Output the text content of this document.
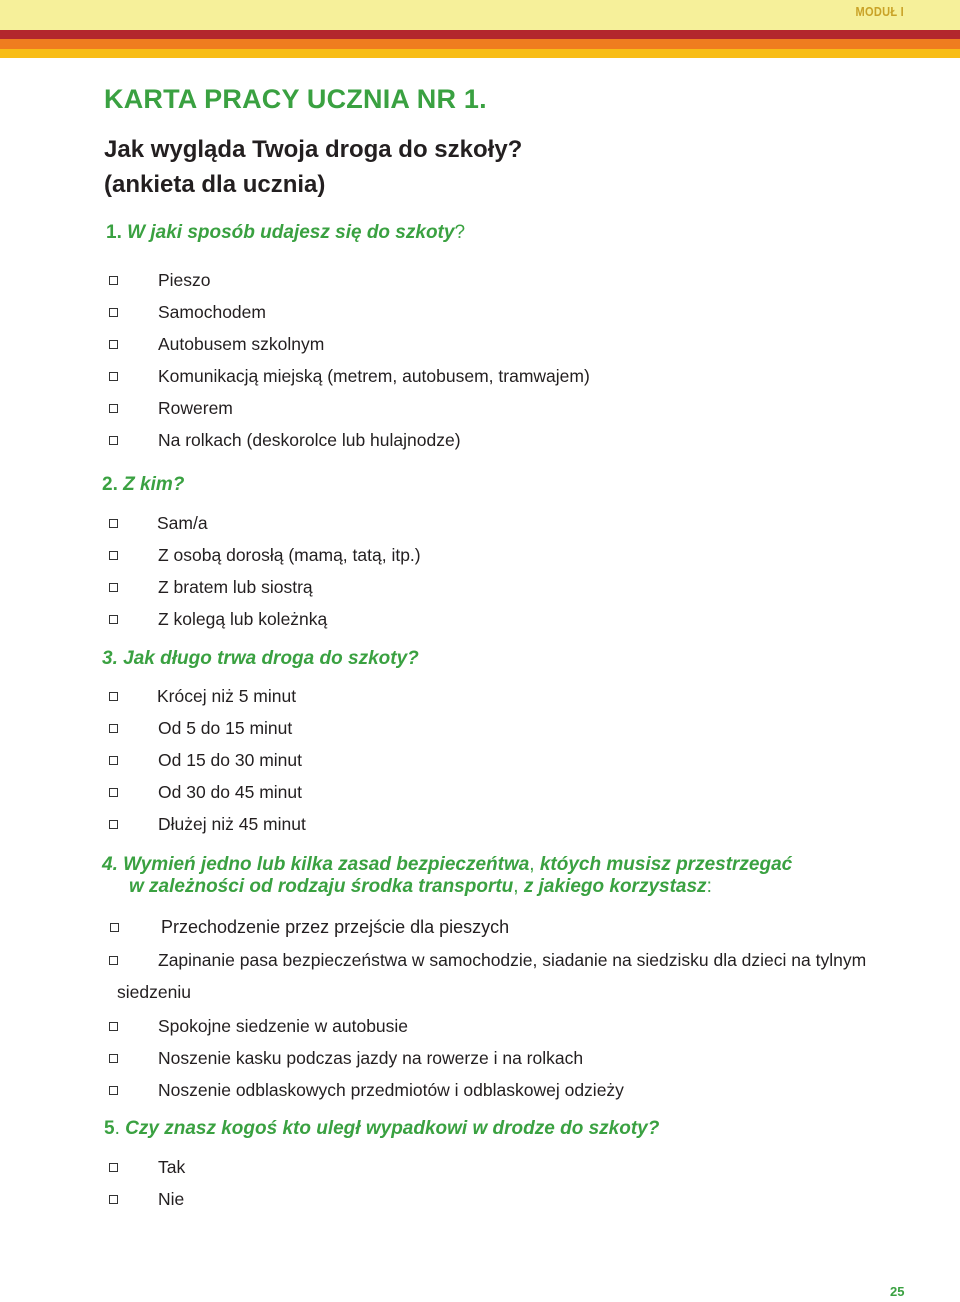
MODUŁ I
KARTA PRACY UCZNIA NR 1.
Jak wygląda Twoja droga do szkoły?
(ankieta dla ucznia)
1. W jaki sposób udajesz się do szkoty?
Pieszo
Samochodem
Autobusem szkolnym
Komunikacją miejską (metrem, autobusem, tramwajem)
Rowerem
Na rolkach (deskorolce lub hulajnodze)
2. Z kim?
Sam/a
Z osobą dorosłą (mamą, tatą, itp.)
Z bratem lub siostrą
Z kolegą lub koleżnką
3. Jak długo trwa droga do szkoty?
Krócej niż 5 minut
Od 5 do 15 minut
Od 15 do 30 minut
Od 30 do 45 minut
Dłużej niż 45 minut
4. Wymień jedno lub kilka zasad bezpieczeńtwa, któych musisz przestrzegać
w zależności od rodzaju środka transportu, z jakiego korzystasz:
Przechodzenie przez przejście dla pieszych
Zapinanie pasa bezpieczeństwa w samochodzie, siadanie na siedzisku dla dzieci na tylnym
siedzeniu
Spokojne siedzenie w autobusie
Noszenie kasku podczas jazdy na rowerze i na rolkach
Noszenie odblaskowych przedmiotów i odblaskowej odzieży
5. Czy znasz kogoś kto uległ wypadkowi w drodze do szkoty?
Tak
Nie
25
